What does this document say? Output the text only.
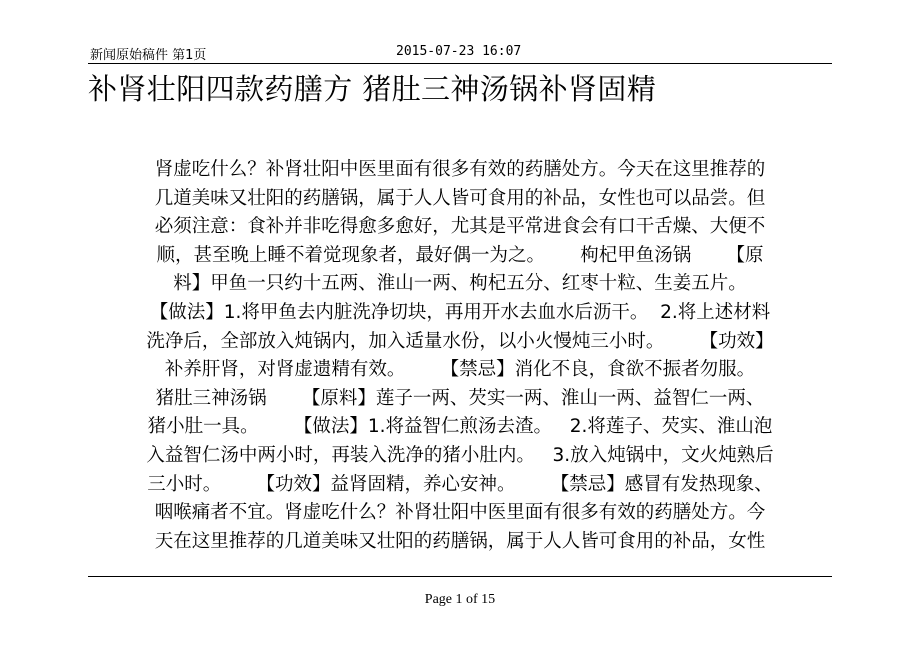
新闻原始稿件 第1页	2015-07-23 16:07
补肾壮阳四款药膳方 猪肚三神汤锅补肾固精
肾虚吃什么？补肾壮阳中医里面有很多有效的药膳处方。今天在这里推荐的
几道美味又壮阳的药膳锅，属于人人皆可食用的补品，女性也可以品尝。但
必须注意：食补并非吃得愈多愈好，尤其是平常进食会有口干舌燥、大便不
顺，甚至晚上睡不着觉现象者，最好偶一为之。      枸杞甲鱼汤锅      【原
料】甲鱼一只约十五两、淮山一两、枸杞五分、红枣十粒、生姜五片。
【做法】1.将甲鱼去内脏洗净切块，再用开水去血水后沥干。  2.将上述材料
洗净后，全部放入炖锅内，加入适量水份，以小火慢炖三小时。      【功效】
补养肝肾，对肾虚遗精有效。      【禁忌】消化不良，食欲不振者勿服。
猪肚三神汤锅      【原料】莲子一两、芡实一两、淮山一两、益智仁一两、
猪小肚一具。      【做法】1.将益智仁煎汤去渣。   2.将莲子、芡实、淮山泡
入益智仁汤中两小时，再装入洗净的猪小肚内。   3.放入炖锅中，文火炖熟后
三小时。      【功效】益肾固精，养心安神。      【禁忌】感冒有发热现象、
咽喉痛者不宜。肾虚吃什么？补肾壮阳中医里面有很多有效的药膳处方。今
天在这里推荐的几道美味又壮阳的药膳锅，属于人人皆可食用的补品，女性
Page 1 of 15
